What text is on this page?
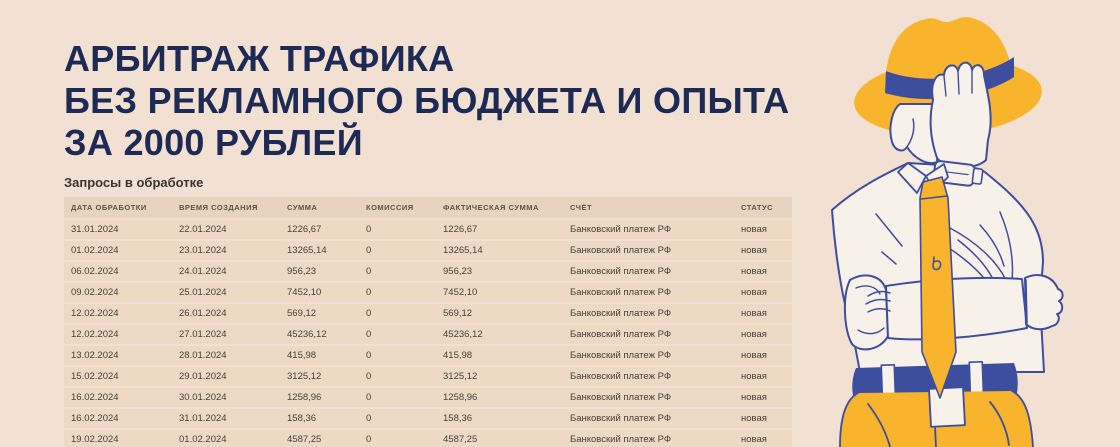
АРБИТРАЖ ТРАФИКА
БЕЗ РЕКЛАМНОГО БЮДЖЕТА И ОПЫТА
ЗА 2000 РУБЛЕЙ
Запросы в обработке
ДАТА ОБРАБОТКИ	ВРЕМЯ СОЗДАНИЯ	СУММА	КОМИССИЯ	ФАКТИЧЕСКАЯ СУММА	СЧЁТ	СТАТУС
31.01.2024	22.01.2024	1226,67	0	1226,67	Банковский платеж РФ	новая
01.02.2024	23.01.2024	13265,14	0	13265,14	Банковский платеж РФ	новая
06.02.2024	24.01.2024	956,23	0	956,23	Банковский платеж РФ	новая
09.02.2024	25.01.2024	7452,10	0	7452,10	Банковский платеж РФ	новая
12.02.2024	26.01.2024	569,12	0	569,12	Банковский платеж РФ	новая
12.02.2024	27.01.2024	45236,12	0	45236,12	Банковский платеж РФ	новая
13.02.2024	28.01.2024	415,98	0	415,98	Банковский платеж РФ	новая
15.02.2024	29.01.2024	3125,12	0	3125,12	Банковский платеж РФ	новая
16.02.2024	30.01.2024	1258,96	0	1258,96	Банковский платеж РФ	новая
16.02.2024	31.01.2024	158,36	0	158,36	Банковский платеж РФ	новая
19.02.2024	01.02.2024	4587,25	0	4587,25	Банковский платеж РФ	новая
